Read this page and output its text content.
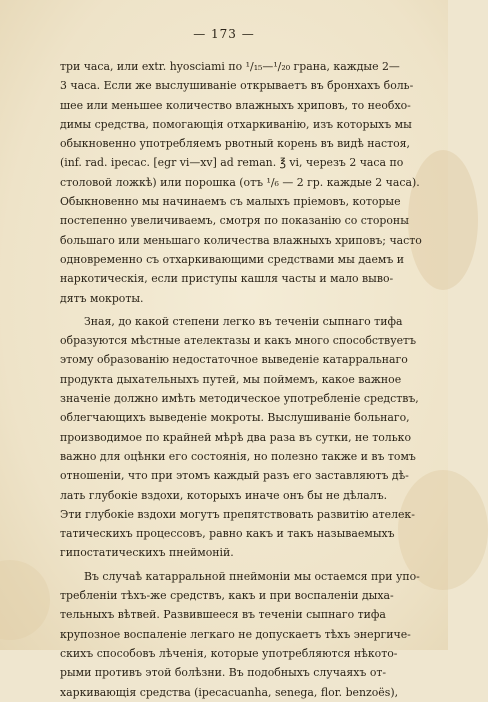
— 173 —
три часа, или extr. hyosciami по ¹/₁₅—¹/₂₀ грана, каждые 2—
3 часа. Если же выслушиваніе открываетъ въ бронхахъ боль-
шее или меньшее количество влажныхъ хриповъ, то необхо-
димы средства, помогающія отхаркиванію, изъ которыхъ мы
обыкновенно употребляемъ рвотный корень въ видѣ настоя,
(inf. rad. ipecac. [egr vi—xv] ad reman. ℥ vi, черезъ 2 часа по
столовой ложкѣ) или порошка (отъ ¹/₆ — 2 гр. каждые 2 часа).
Обыкновенно мы начинаемъ съ малыхъ пріемовъ, которые
постепенно увеличиваемъ, смотря по показанію со стороны
большаго или меньшаго количества влажныхъ хриповъ; часто
одновременно съ отхаркивающими средствами мы даемъ и
наркотическія, если приступы кашля часты и мало выво-
дятъ мокроты.
Зная, до какой степени легко въ теченіи сыпнаго тифа
образуются мѣстные ателектазы и какъ много способствуетъ
этому образованію недостаточное выведеніе катарральнаго
продукта дыхательныхъ путей, мы поймемъ, какое важное
значеніе должно имѣть методическое употребленіе средствъ,
облегчающихъ выведеніе мокроты. Выслушиваніе больнаго,
производимое по крайней мѣрѣ два раза въ сутки, не только
важно для оцѣнки его состоянія, но полезно также и въ томъ
отношеніи, что при этомъ каждый разъ его заставляютъ дѣ-
лать глубокіе вздохи, которыхъ иначе онъ бы не дѣлалъ.
Эти глубокіе вздохи могутъ препятствовать развитію ателек-
татическихъ процессовъ, равно какъ и такъ называемыхъ
гипостатическихъ пнеймоній.
Въ случаѣ катарральной пнеймоніи мы остаемся при упо-
требленіи тѣхъ-же средствъ, какъ и при воспаленіи дыха-
тельныхъ вѣтвей. Развившееся въ теченіи сыпнаго тифа
крупозное воспаленіе легкаго не допускаетъ тѣхъ энергиче-
скихъ способовъ лѣченія, которые употребляются нѣкото-
рыми противъ этой болѣзни. Въ подобныхъ случаяхъ от-
харкивающія средства (ipecacuanha, senega, flor. benzoës),
